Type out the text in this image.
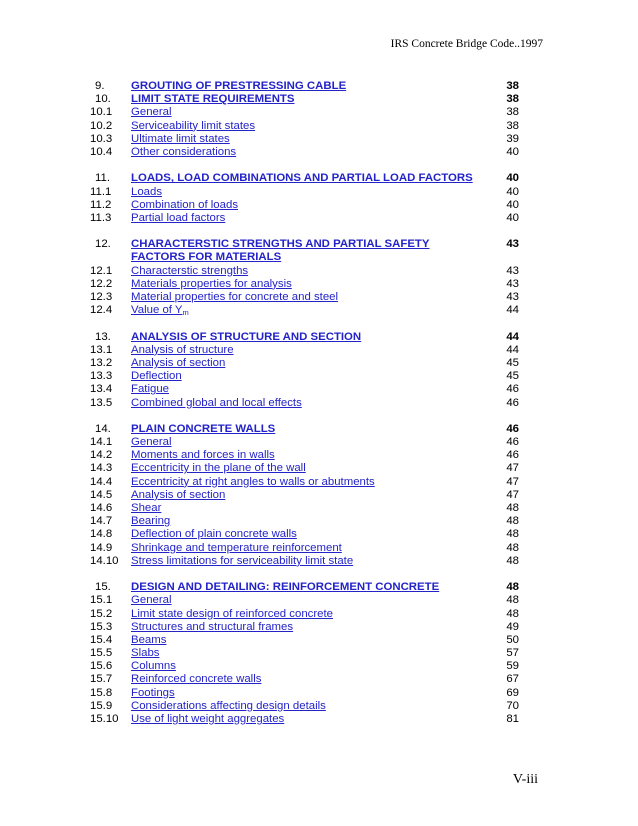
IRS Concrete Bridge Code..1997
9.	GROUTING OF PRESTRESSING CABLE	38
10.	LIMIT STATE REQUIREMENTS	38
10.1	General	38
10.2	Serviceability limit states	38
10.3	Ultimate limit states	39
10.4	Other considerations	40
11.	LOADS, LOAD COMBINATIONS AND PARTIAL LOAD FACTORS	40
11.1	Loads	40
11.2	Combination of loads	40
11.3	Partial load factors	40
12.	CHARACTERSTIC STRENGTHS AND PARTIAL SAFETY	43
FACTORS FOR MATERIALS
12.1	Characterstic strengths	43
12.2	Materials properties for analysis	43
12.3	Material properties for concrete and steel	43
12.4	Value of $Y_m$	44
13.	ANALYSIS OF STRUCTURE AND SECTION	44
13.1	Analysis of structure	44
13.2	Analysis of section	45
13.3	Deflection	45
13.4	Fatigue	46
13.5	Combined global and local effects	46
14.	PLAIN CONCRETE WALLS	46
14.1	General	46
14.2	Moments and forces in walls	46
14.3	Eccentricity in the plane of the wall	47
14.4	Eccentricity at right angles to walls or abutments	47
14.5	Analysis of section	47
14.6	Shear	48
14.7	Bearing	48
14.8	Deflection of plain concrete walls	48
14.9	Shrinkage and temperature reinforcement	48
14.10	Stress limitations for serviceability limit state	48
15.	DESIGN AND DETAILING: REINFORCEMENT CONCRETE	48
15.1	General	48
15.2	Limit state design of reinforced concrete	48
15.3	Structures and structural frames	49
15.4	Beams	50
15.5	Slabs	57
15.6	Columns	59
15.7	Reinforced concrete walls	67
15.8	Footings	69
15.9	Considerations affecting design details	70
15.10	Use of light weight aggregates	81
V-iii
